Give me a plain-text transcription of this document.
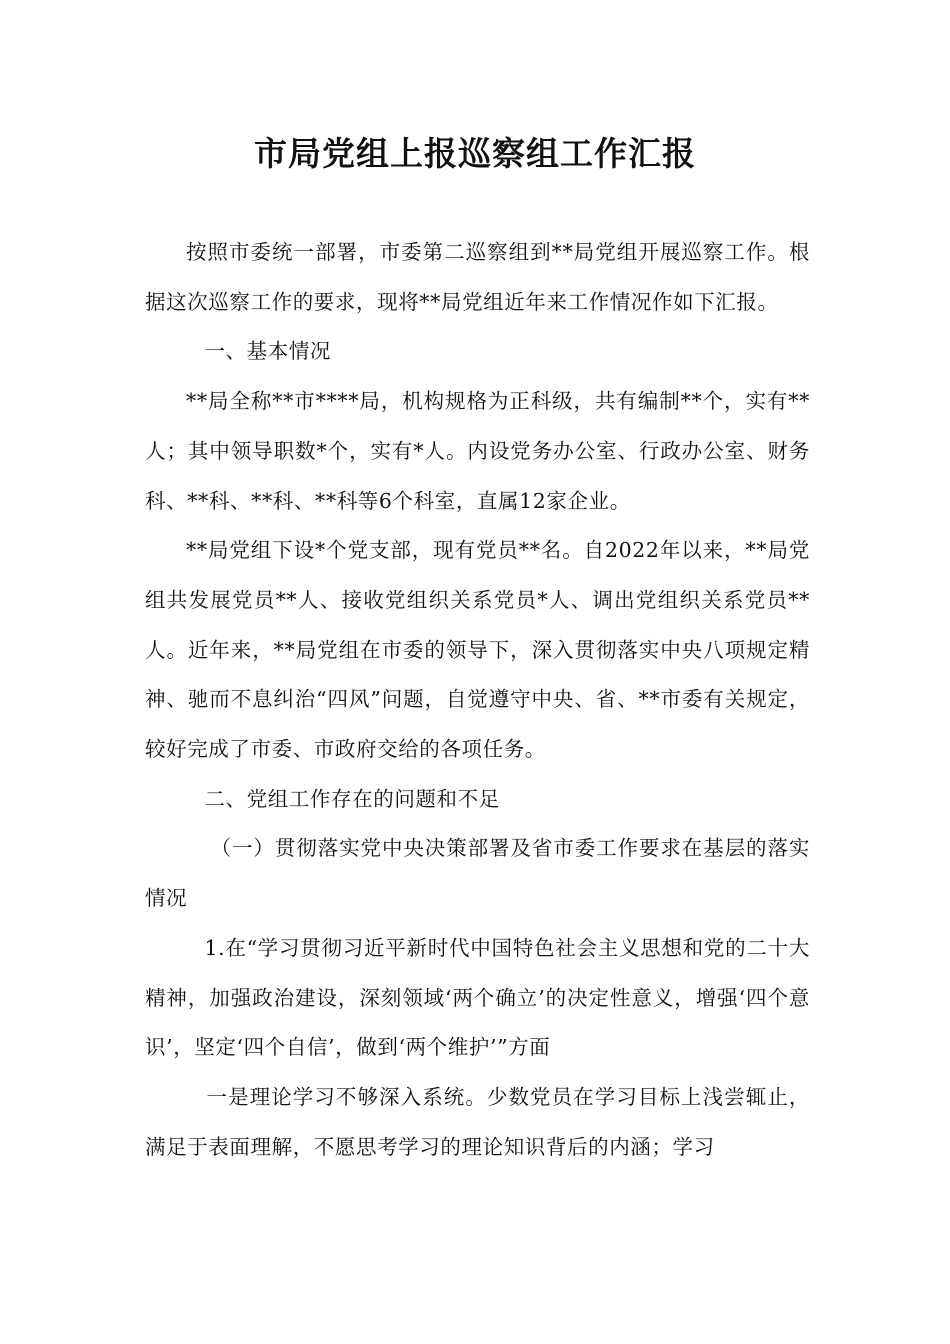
市局党组上报巡察组工作汇报

按照市委统一部署，市委第二巡察组到**局党组开展巡察工作。根据这次巡察工作的要求，现将**局党组近年来工作情况作如下汇报。

一、基本情况

**局全称**市****局，机构规格为正科级，共有编制**个，实有**人；其中领导职数*个，实有*人。内设党务办公室、行政办公室、财务科、**科、**科、**科等6个科室，直属12家企业。

**局党组下设*个党支部，现有党员**名。自2022年以来，**局党组共发展党员**人、接收党组织关系党员*人、调出党组织关系党员**人。近年来，**局党组在市委的领导下，深入贯彻落实中央八项规定精神、驰而不息纠治“四风”问题，自觉遵守中央、省、**市委有关规定，较好完成了市委、市政府交给的各项任务。

二、党组工作存在的问题和不足

（一）贯彻落实党中央决策部署及省市委工作要求在基层的落实情况

1.在“学习贯彻习近平新时代中国特色社会主义思想和党的二十大精神，加强政治建设，深刻领域‘两个确立’的决定性意义，增强‘四个意识’，坚定‘四个自信’，做到‘两个维护’”方面

一是理论学习不够深入系统。少数党员在学习目标上浅尝辄止，满足于表面理解，不愿思考学习的理论知识背后的内涵；学习
